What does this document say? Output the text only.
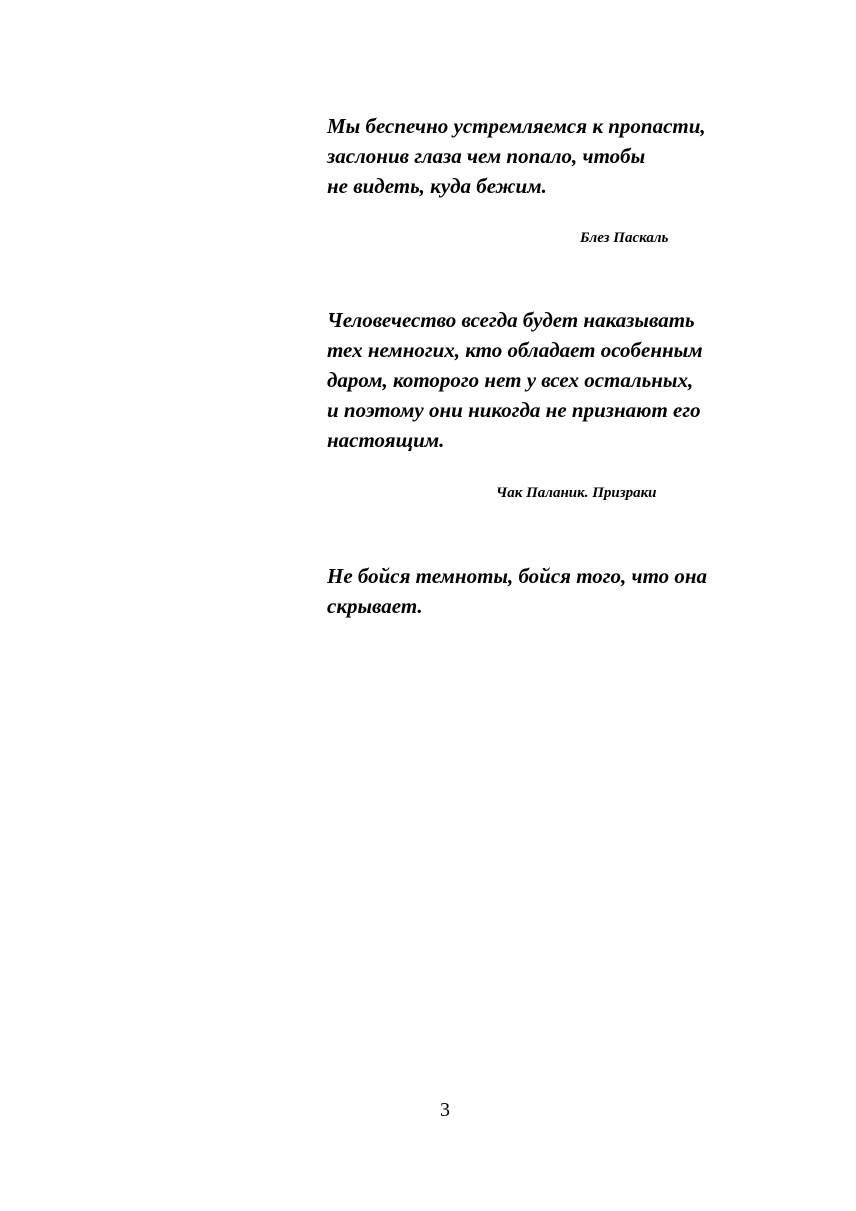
Мы беспечно устремляемся к пропасти,
заслонив глаза чем попало, чтобы
не видеть, куда бежим.

Блез Паскаль

Человечество всегда будет наказывать
тех немногих, кто обладает особенным
даром, которого нет у всех остальных,
и поэтому они никогда не признают его
настоящим.

Чак Паланик. Призраки

Не бойся темноты, бойся того, что она
скрывает.

3
